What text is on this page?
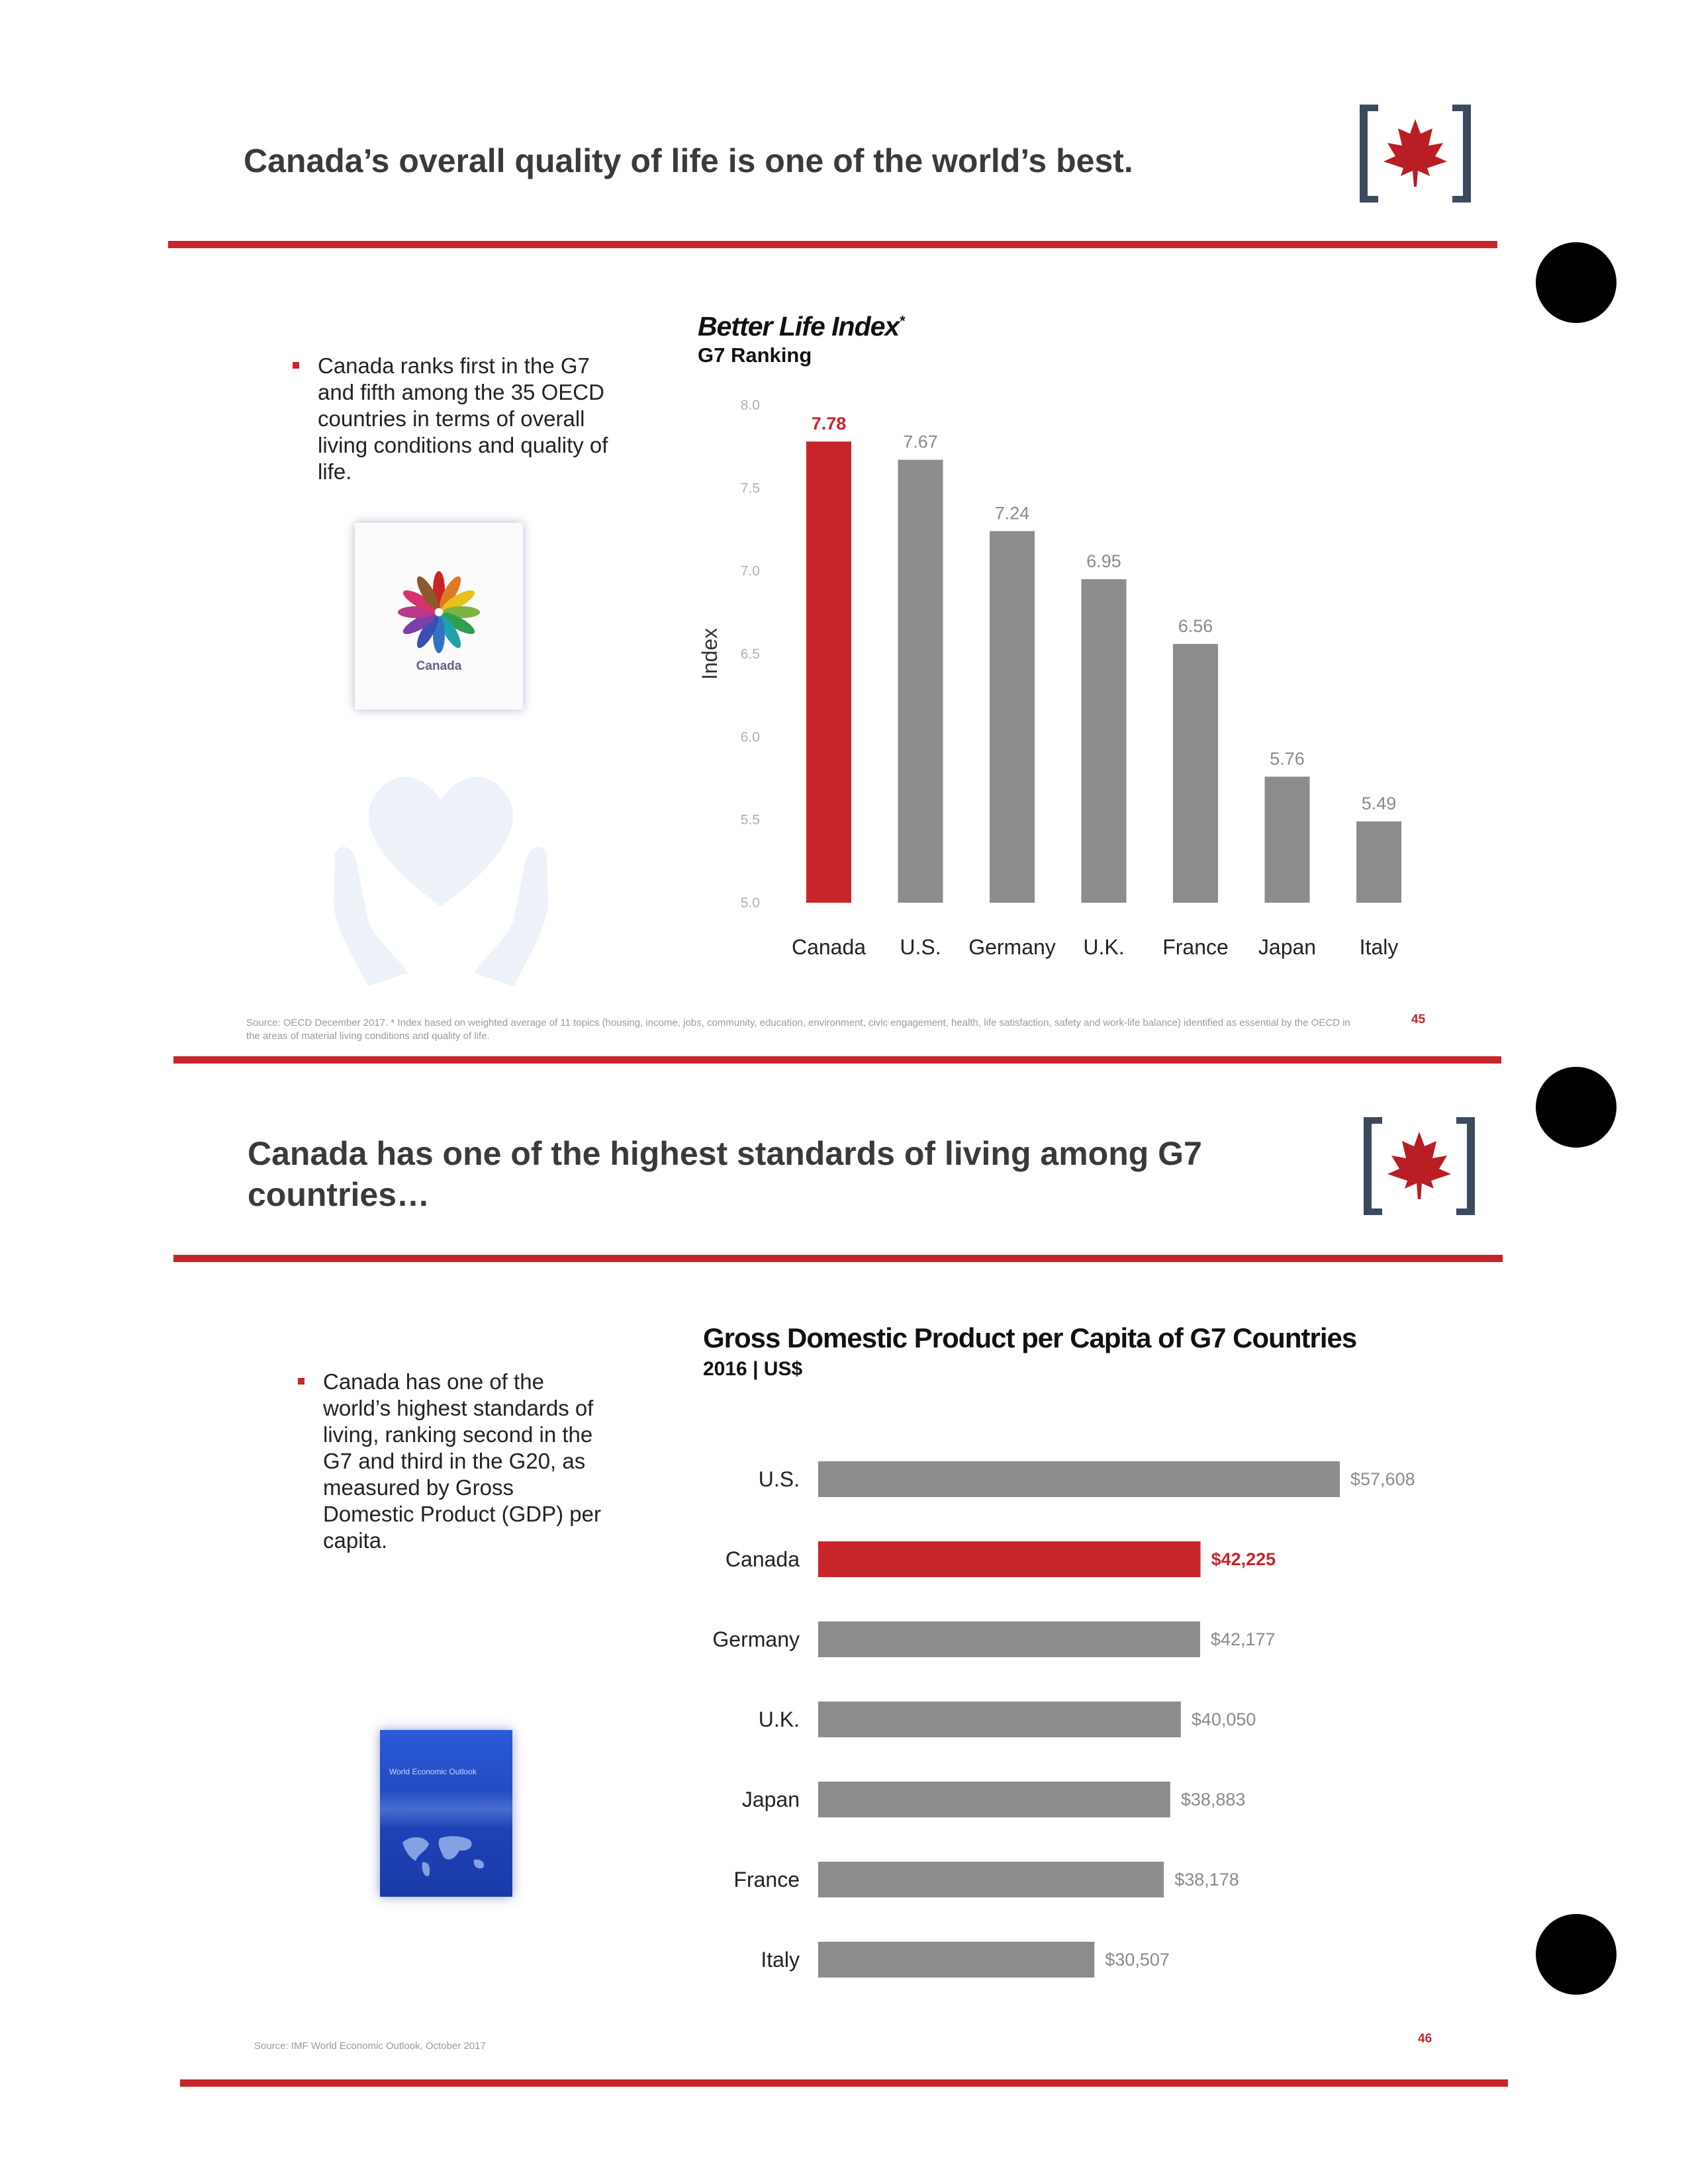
Canada’s overall quality of life is one of the world’s best.
Canada ranks first in the G7 and fifth among the 35 OECD countries in terms of overall living conditions and quality of life.
Canada
Better Life Index*
G7 Ranking
5.0
5.5
6.0
6.5
7.0
7.5
8.0
Index
7.78
Canada
7.67
U.S.
7.24
Germany
6.95
U.K.
6.56
France
5.76
Japan
5.49
Italy
Source: OECD December 2017. * Index based on weighted average of 11 topics (housing, income, jobs, community, education, environment, civic engagement, health, life satisfaction, safety and work-life balance) identified as essential by the OECD in the areas of material living conditions and quality of life.
45
Canada has one of the highest standards of living among G7
countries…
Canada has one of the world’s highest standards of living, ranking second in the G7 and third in the G20, as measured by Gross Domestic Product (GDP) per capita.
World Economic Outlook
Gross Domestic Product per Capita of G7 Countries
2016 | US$
U.S.	$57,608
Canada	$42,225
Germany	$42,177
U.K.	$40,050
Japan	$38,883
France	$38,178
Italy	$30,507
Source: IMF World Economic Outlook, October 2017
46
